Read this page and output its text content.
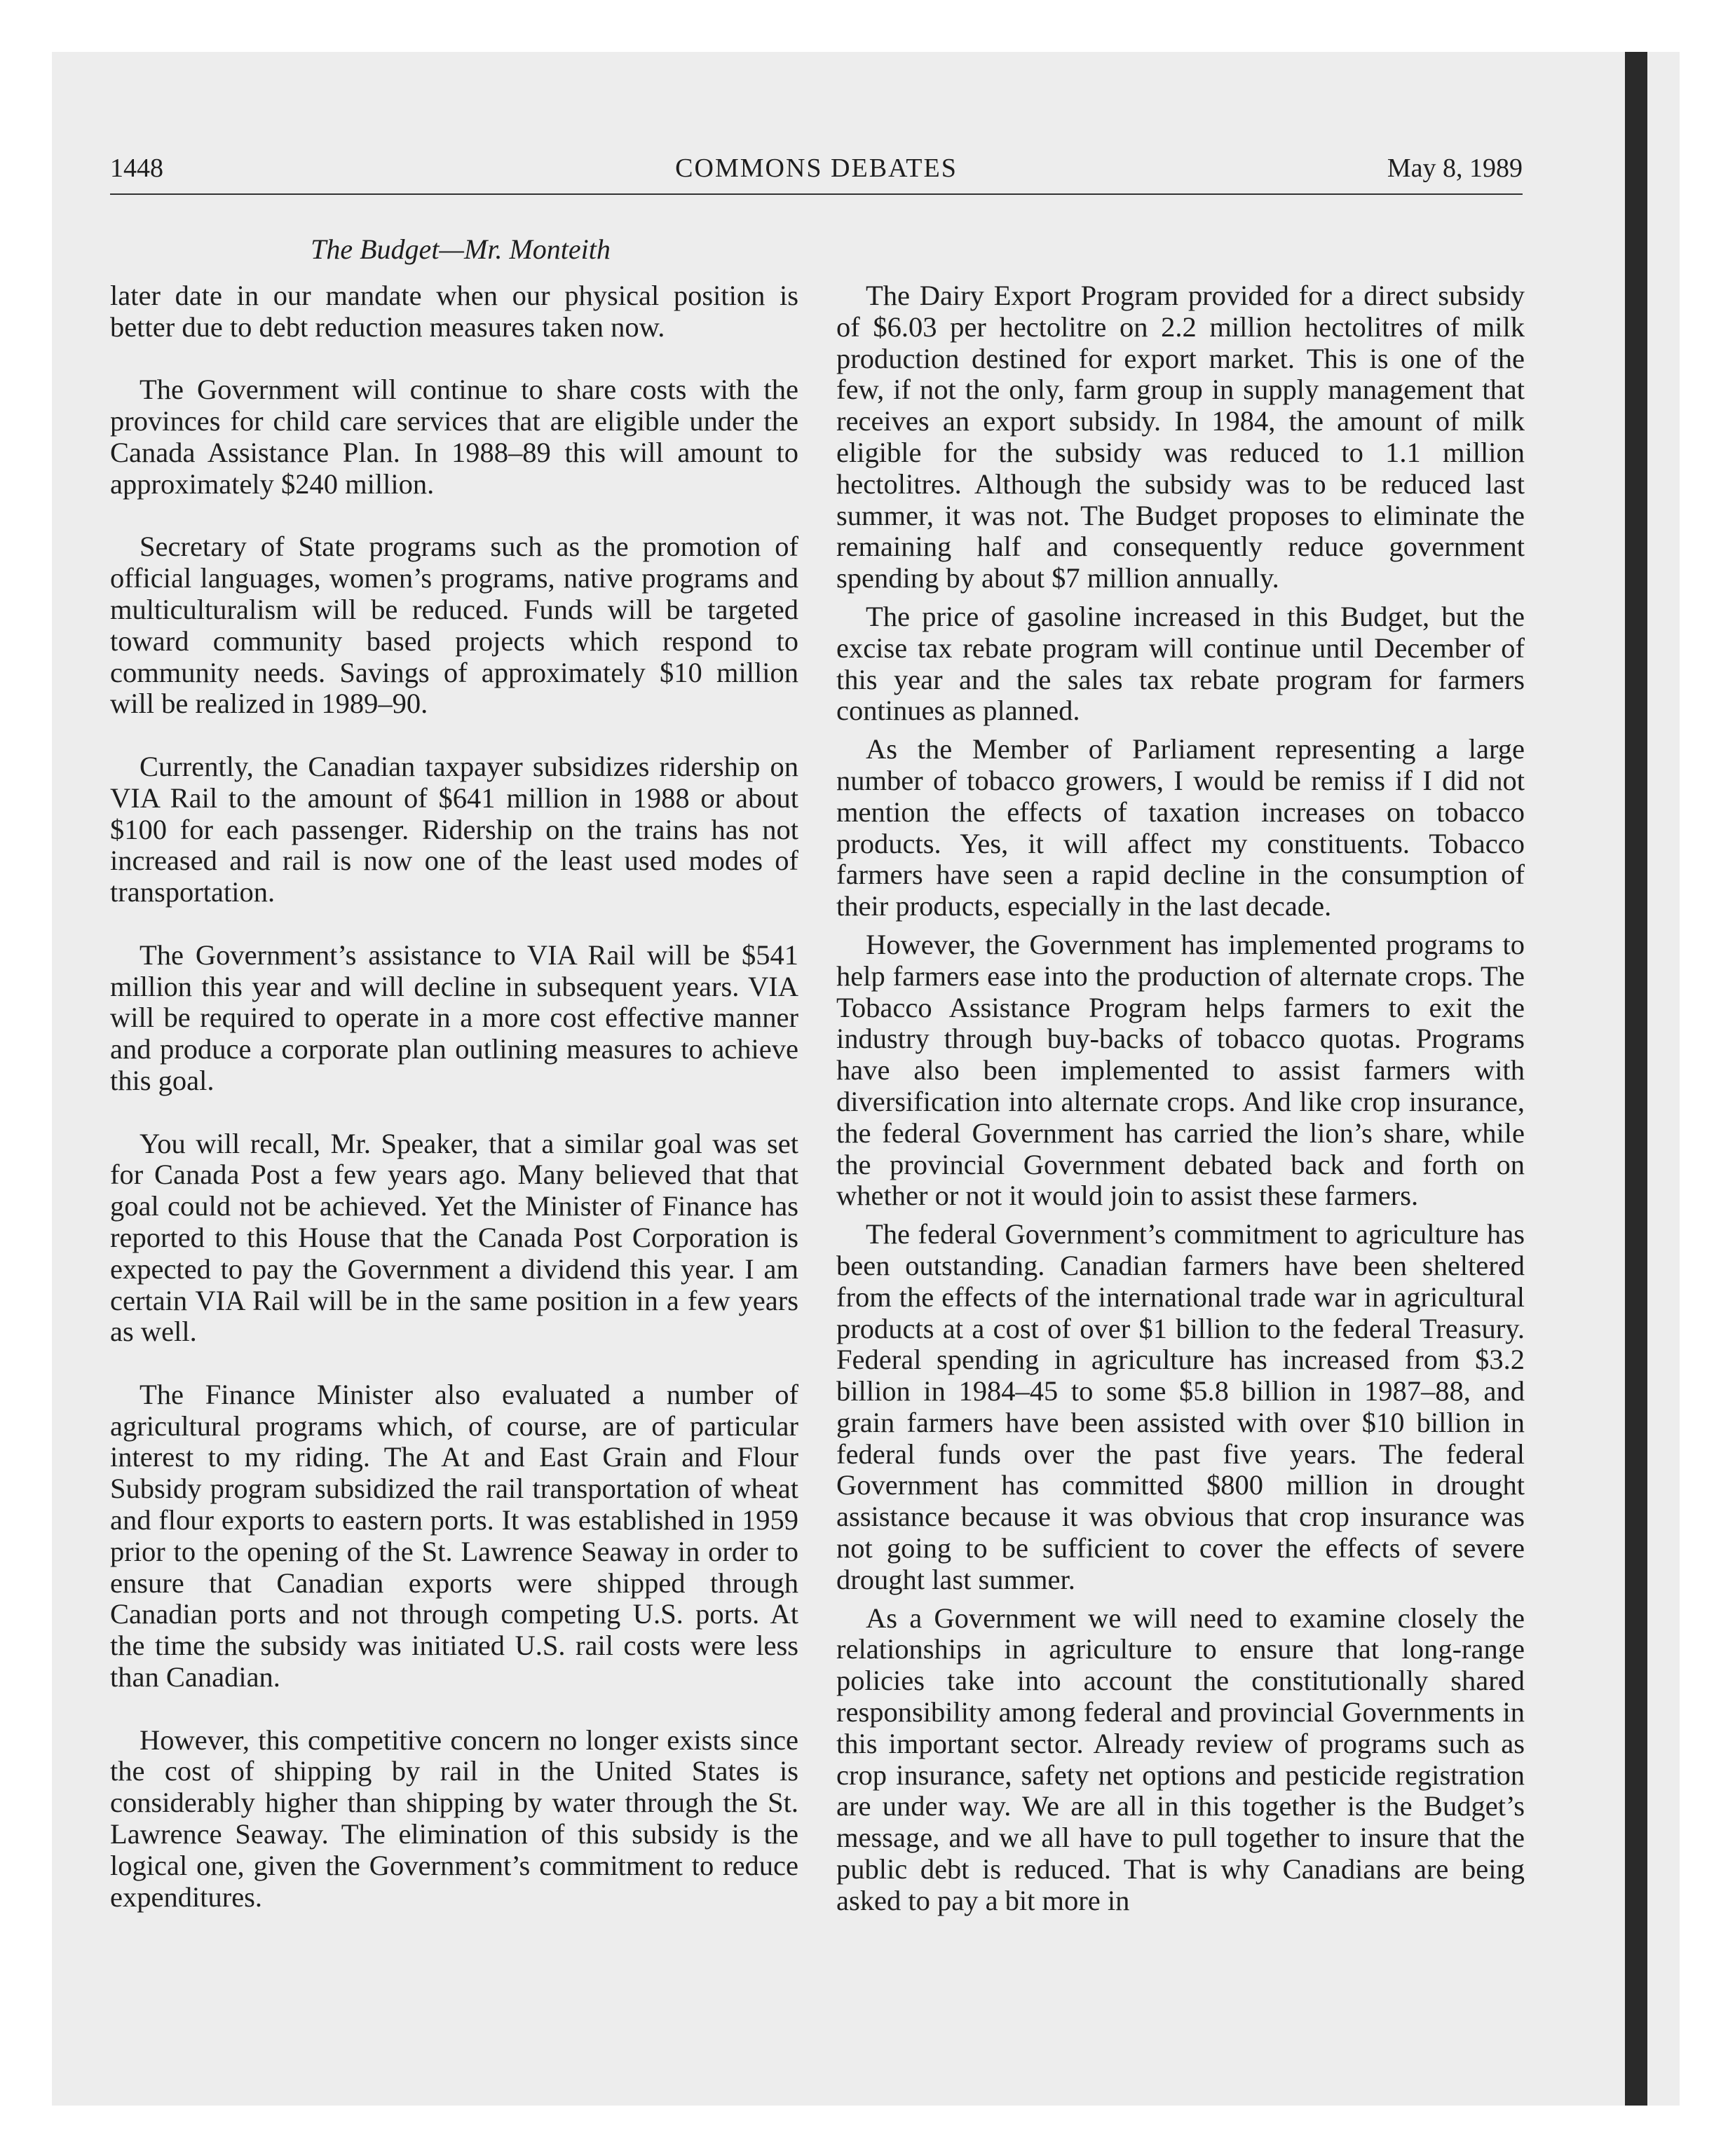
1448	COMMONS DEBATES	May 8, 1989
The Budget—Mr. Monteith

later date in our mandate when our physical position is better due to debt reduction measures taken now.

The Government will continue to share costs with the provinces for child care services that are eligible under the Canada Assistance Plan. In 1988–89 this will amount to approximately $240 million.

Secretary of State programs such as the promotion of official languages, women’s programs, native programs and multiculturalism will be reduced. Funds will be targeted toward community based projects which respond to community needs. Savings of approximately $10 million will be realized in 1989–90.

Currently, the Canadian taxpayer subsidizes ridership on VIA Rail to the amount of $641 million in 1988 or about $100 for each passenger. Ridership on the trains has not increased and rail is now one of the least used modes of transportation.

The Government’s assistance to VIA Rail will be $541 million this year and will decline in subsequent years. VIA will be required to operate in a more cost effective manner and produce a corporate plan outlining measures to achieve this goal.

You will recall, Mr. Speaker, that a similar goal was set for Canada Post a few years ago. Many believed that that goal could not be achieved. Yet the Minister of Finance has reported to this House that the Canada Post Corporation is expected to pay the Government a dividend this year. I am certain VIA Rail will be in the same position in a few years as well.

The Finance Minister also evaluated a number of agricultural programs which, of course, are of particular interest to my riding. The At and East Grain and Flour Subsidy program subsidized the rail transportation of wheat and flour exports to eastern ports. It was established in 1959 prior to the opening of the St. Lawrence Seaway in order to ensure that Canadian exports were shipped through Canadian ports and not through competing U.S. ports. At the time the subsidy was initiated U.S. rail costs were less than Canadian.

However, this competitive concern no longer exists since the cost of shipping by rail in the United States is considerably higher than shipping by water through the St. Lawrence Seaway. The elimination of this subsidy is the logical one, given the Government’s commitment to reduce expenditures.

The Dairy Export Program provided for a direct subsidy of $6.03 per hectolitre on 2.2 million hectolitres of milk production destined for export market. This is one of the few, if not the only, farm group in supply management that receives an export subsidy. In 1984, the amount of milk eligible for the subsidy was reduced to 1.1 million hectolitres. Although the subsidy was to be reduced last summer, it was not. The Budget proposes to eliminate the remaining half and consequently reduce government spending by about $7 million annually.

The price of gasoline increased in this Budget, but the excise tax rebate program will continue until December of this year and the sales tax rebate program for farmers continues as planned.

As the Member of Parliament representing a large number of tobacco growers, I would be remiss if I did not mention the effects of taxation increases on tobacco products. Yes, it will affect my constituents. Tobacco farmers have seen a rapid decline in the consumption of their products, especially in the last decade.

However, the Government has implemented programs to help farmers ease into the production of alternate crops. The Tobacco Assistance Program helps farmers to exit the industry through buy-backs of tobacco quotas. Programs have also been implemented to assist farmers with diversification into alternate crops. And like crop insurance, the federal Government has carried the lion’s share, while the provincial Government debated back and forth on whether or not it would join to assist these farmers.

The federal Government’s commitment to agriculture has been outstanding. Canadian farmers have been sheltered from the effects of the international trade war in agricultural products at a cost of over $1 billion to the federal Treasury. Federal spending in agriculture has increased from $3.2 billion in 1984–45 to some $5.8 billion in 1987–88, and grain farmers have been assisted with over $10 billion in federal funds over the past five years. The federal Government has committed $800 million in drought assistance because it was obvious that crop insurance was not going to be sufficient to cover the effects of severe drought last summer.

As a Government we will need to examine closely the relationships in agriculture to ensure that long-range policies take into account the constitutionally shared responsibility among federal and provincial Governments in this important sector. Already review of programs such as crop insurance, safety net options and pesticide registration are under way. We are all in this together is the Budget’s message, and we all have to pull together to insure that the public debt is reduced. That is why Canadians are being asked to pay a bit more in
